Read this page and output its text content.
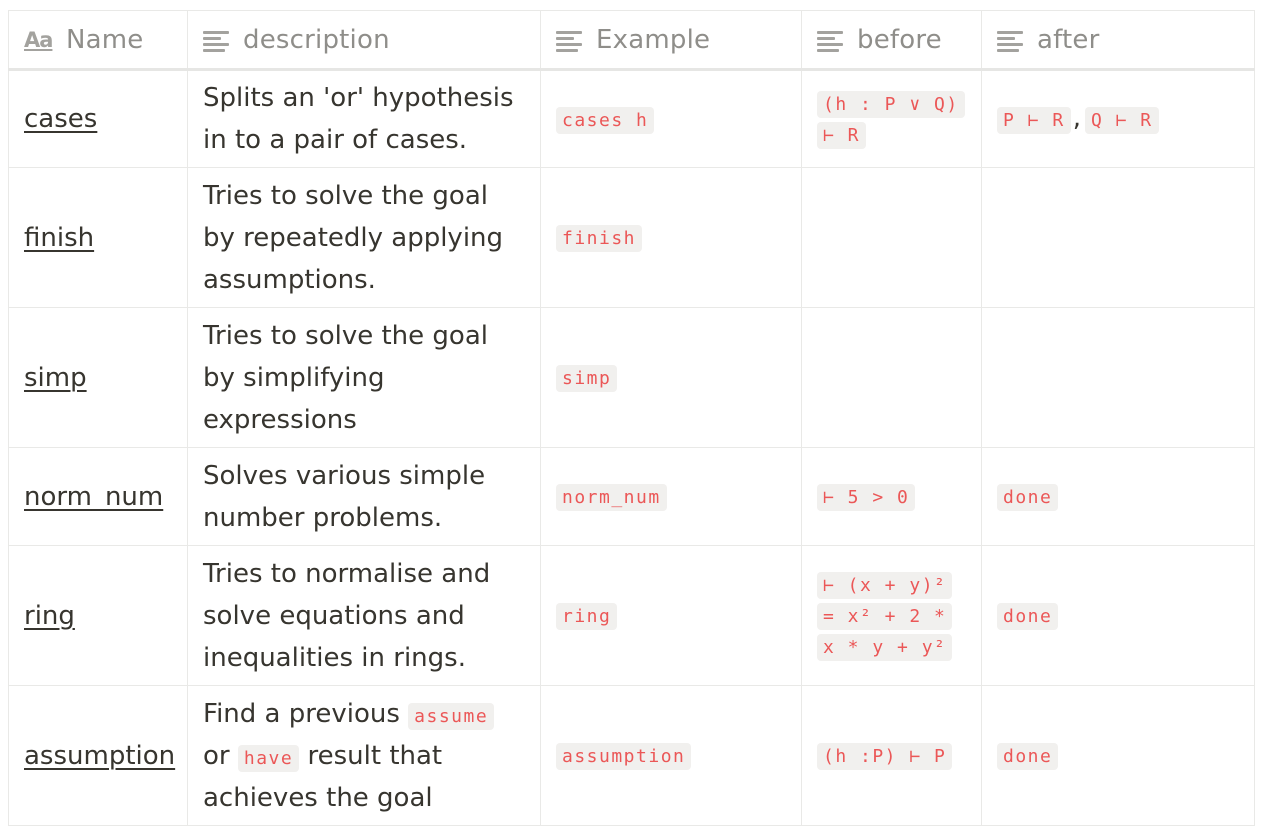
Aa Name	description	Example	before	after

cases	Splits an 'or' hypothesis in to a pair of cases.	cases h	(h : P ∨ Q) ⊢ R	P ⊢ R , Q ⊢ R
finish	Tries to solve the goal by repeatedly applying assumptions.	finish		
simp	Tries to solve the goal by simplifying expressions	simp		
norm_num	Solves various simple number problems.	norm_num	⊢ 5 > 0	done
ring	Tries to normalise and solve equations and inequalities in rings.	ring	⊢ (x + y)² = x² + 2 * x * y + y²	done
assumption	Find a previous assume or have result that achieves the goal	assumption	(h :P) ⊢ P	done
